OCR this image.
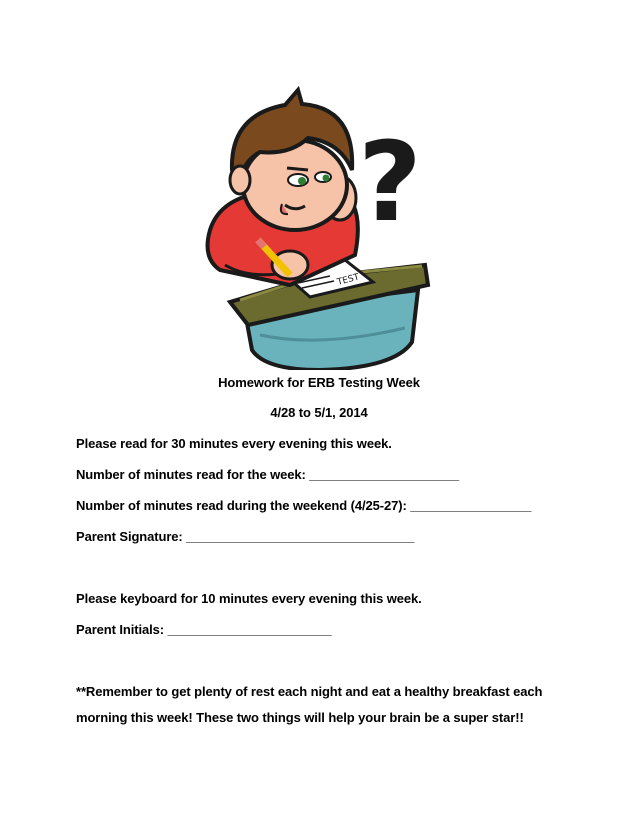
?
TEST
Homework for ERB Testing Week
4/28 to 5/1, 2014
Please read for 30 minutes every evening this week.
Number of minutes read for the week: _____________________
Number of minutes read during the weekend (4/25-27): _________________
Parent Signature: ________________________________
Please keyboard for 10 minutes every evening this week.
Parent Initials: _______________________
**Remember to get plenty of rest each night and eat a healthy breakfast each
morning this week! These two things will help your brain be a super star!!
